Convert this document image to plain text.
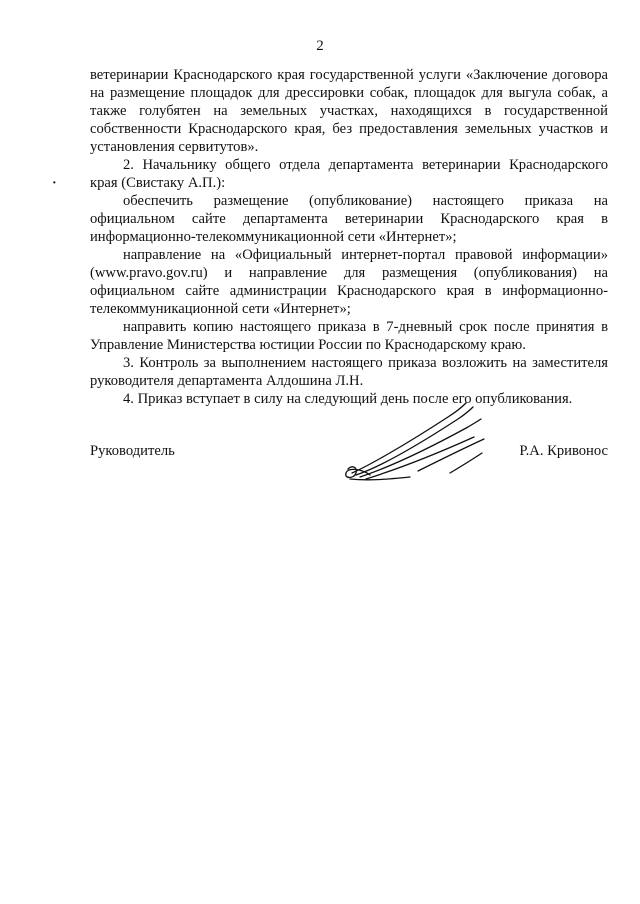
2
·

ветеринарии Краснодарского края государственной услуги «Заключение договора на размещение площадок для дрессировки собак, площадок для выгула собак, а также голубятен на земельных участках, находящихся в государственной собственности Краснодарского края, без предоставления земельных участков и установления сервитутов».

2. Начальнику общего отдела департамента ветеринарии Краснодарского края (Свистаку А.П.):

обеспечить размещение (опубликование) настоящего приказа на официальном сайте департамента ветеринарии Краснодарского края в информационно-телекоммуникационной сети «Интернет»;

направление на «Официальный интернет-портал правовой информации» (www.pravo.gov.ru) и направление для размещения (опубликования) на официальном сайте администрации Краснодарского края в информационно-телекоммуникационной сети «Интернет»;

направить копию настоящего приказа в 7-дневный срок после принятия в Управление Министерства юстиции России по Краснодарскому краю.

3. Контроль за выполнением настоящего приказа возложить на заместителя руководителя департамента Алдошина Л.Н.

4. Приказ вступает в силу на следующий день после его опубликования.

Руководитель	Р.А. Кривонос
